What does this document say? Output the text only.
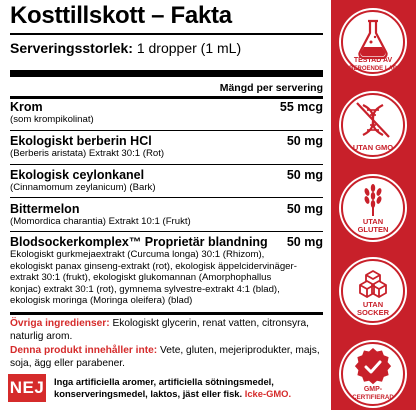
Kosttillskott – Fakta
Serveringsstorlek: 1 dropper (1 mL)
Mängd per servering
Krom	55 mcg
(som krompikolinat)
Ekologiskt berberin HCl	50 mg
(Berberis aristata) Extrakt 30:1 (Rot)
Ekologisk ceylonkanel	50 mg
(Cinnamomum zeylanicum) (Bark)
Bittermelon	50 mg
(Momordica charantia) Extrakt 10:1 (Frukt)
Blodsockerkomplex™ Proprietär blandning	50 mg
Ekologiskt gurkmejaextrakt (Curcuma longa) 30:1 (Rhizom),
ekologiskt panax ginseng-extrakt (rot), ekologisk äppelcidervinäger-
extrakt 30:1 (frukt), ekologiskt glukomannan (Amorphophallus
konjac) extrakt 30:1 (rot), gymnema sylvestre-extrakt 4:1 (blad),
ekologisk moringa (Moringa oleifera) (blad)
Övriga ingredienser: Ekologiskt glycerin, renat vatten, citronsyra, naturlig arom.
Denna produkt innehåller inte: Vete, gluten, mejeriprodukter, majs, soja, ägg eller parabener.
NEJ Inga artificiella aromer, artificiella sötningsmedel,
konserveringsmedel, laktos, jäst eller fisk. Icke-GMO.
TESTAD AV
OBEROENDE LABB
UTAN GMO
UTAN
GLUTEN
UTAN
SOCKER
GMP-
CERTIFIERAD
